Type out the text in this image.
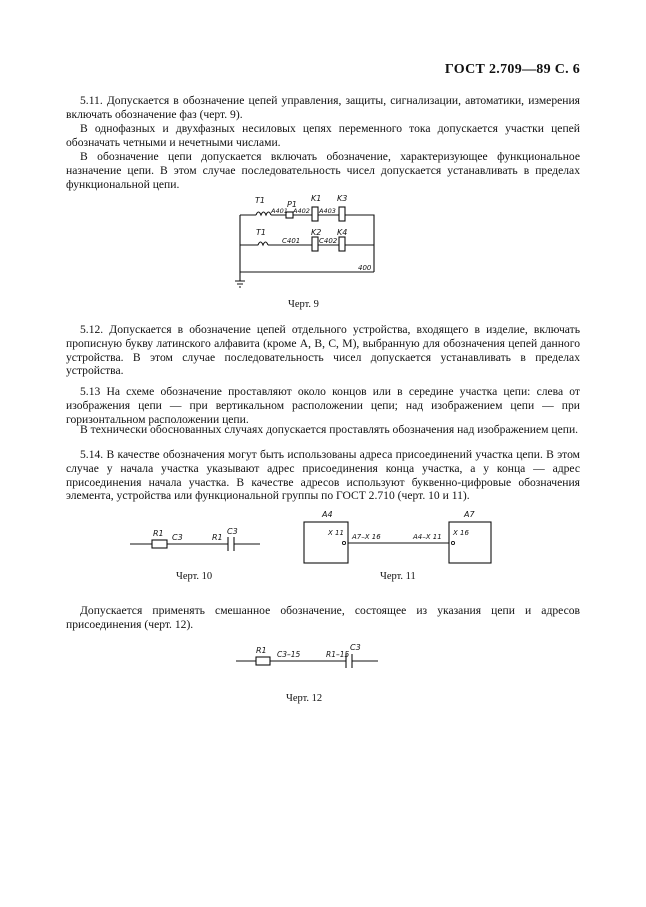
ГОСТ 2.709—89 С. 6

5.11. Допускается в обозначение цепей управления, защиты, сигнализации, автоматики, измерения включать обозначение фаз (черт. 9).

В однофазных и двухфазных несиловых цепях переменного тока допускается участки цепей обозначать четными и нечетными числами.

В обозначение цепи допускается включать обозначение, характеризующее функциональное назначение цепи. В этом случае последовательность чисел допускается устанавливать в пределах функциональной цепи.

T1	P1
K1 K3
A401 A402 A403
T1	K2 K4
C401	C402
400
Черт. 9

5.12. Допускается в обозначение цепей отдельного устройства, входящего в изделие, включать прописную букву латинского алфавита (кроме A, B, C, M), выбранную для обозначения цепей данного устройства. В этом случае последовательность чисел допускается устанавливать в пределах устройства.

5.13 На схеме обозначение проставляют около концов или в середине участка цепи: слева от изображения цепи — при вертикальном расположении цепи; над изображением цепи — при горизонтальном расположении цепи.

В технически обоснованных случаях допускается проставлять обозначения над изображением цепи.

5.14. В качестве обозначения могут быть использованы адреса присоединений участка цепи. В этом случае у начала участка указывают адрес присоединения конца участка, а у конца — адрес присоединения начала участка. В качестве адресов используют буквенно-цифровые обозначения элемента, устройства или функциональной группы по ГОСТ 2.710 (черт. 10 и 11).

R1 C3	R1
C3
Черт. 10
A4	A7
X 11	X 16
A7–X 16	A4–X 11
Черт. 11

Допускается применять смешанное обозначение, состоящее из указания цепи и адресов присоединения (черт. 12).

R1 C3–15	R1–15
C3
Черт. 12
